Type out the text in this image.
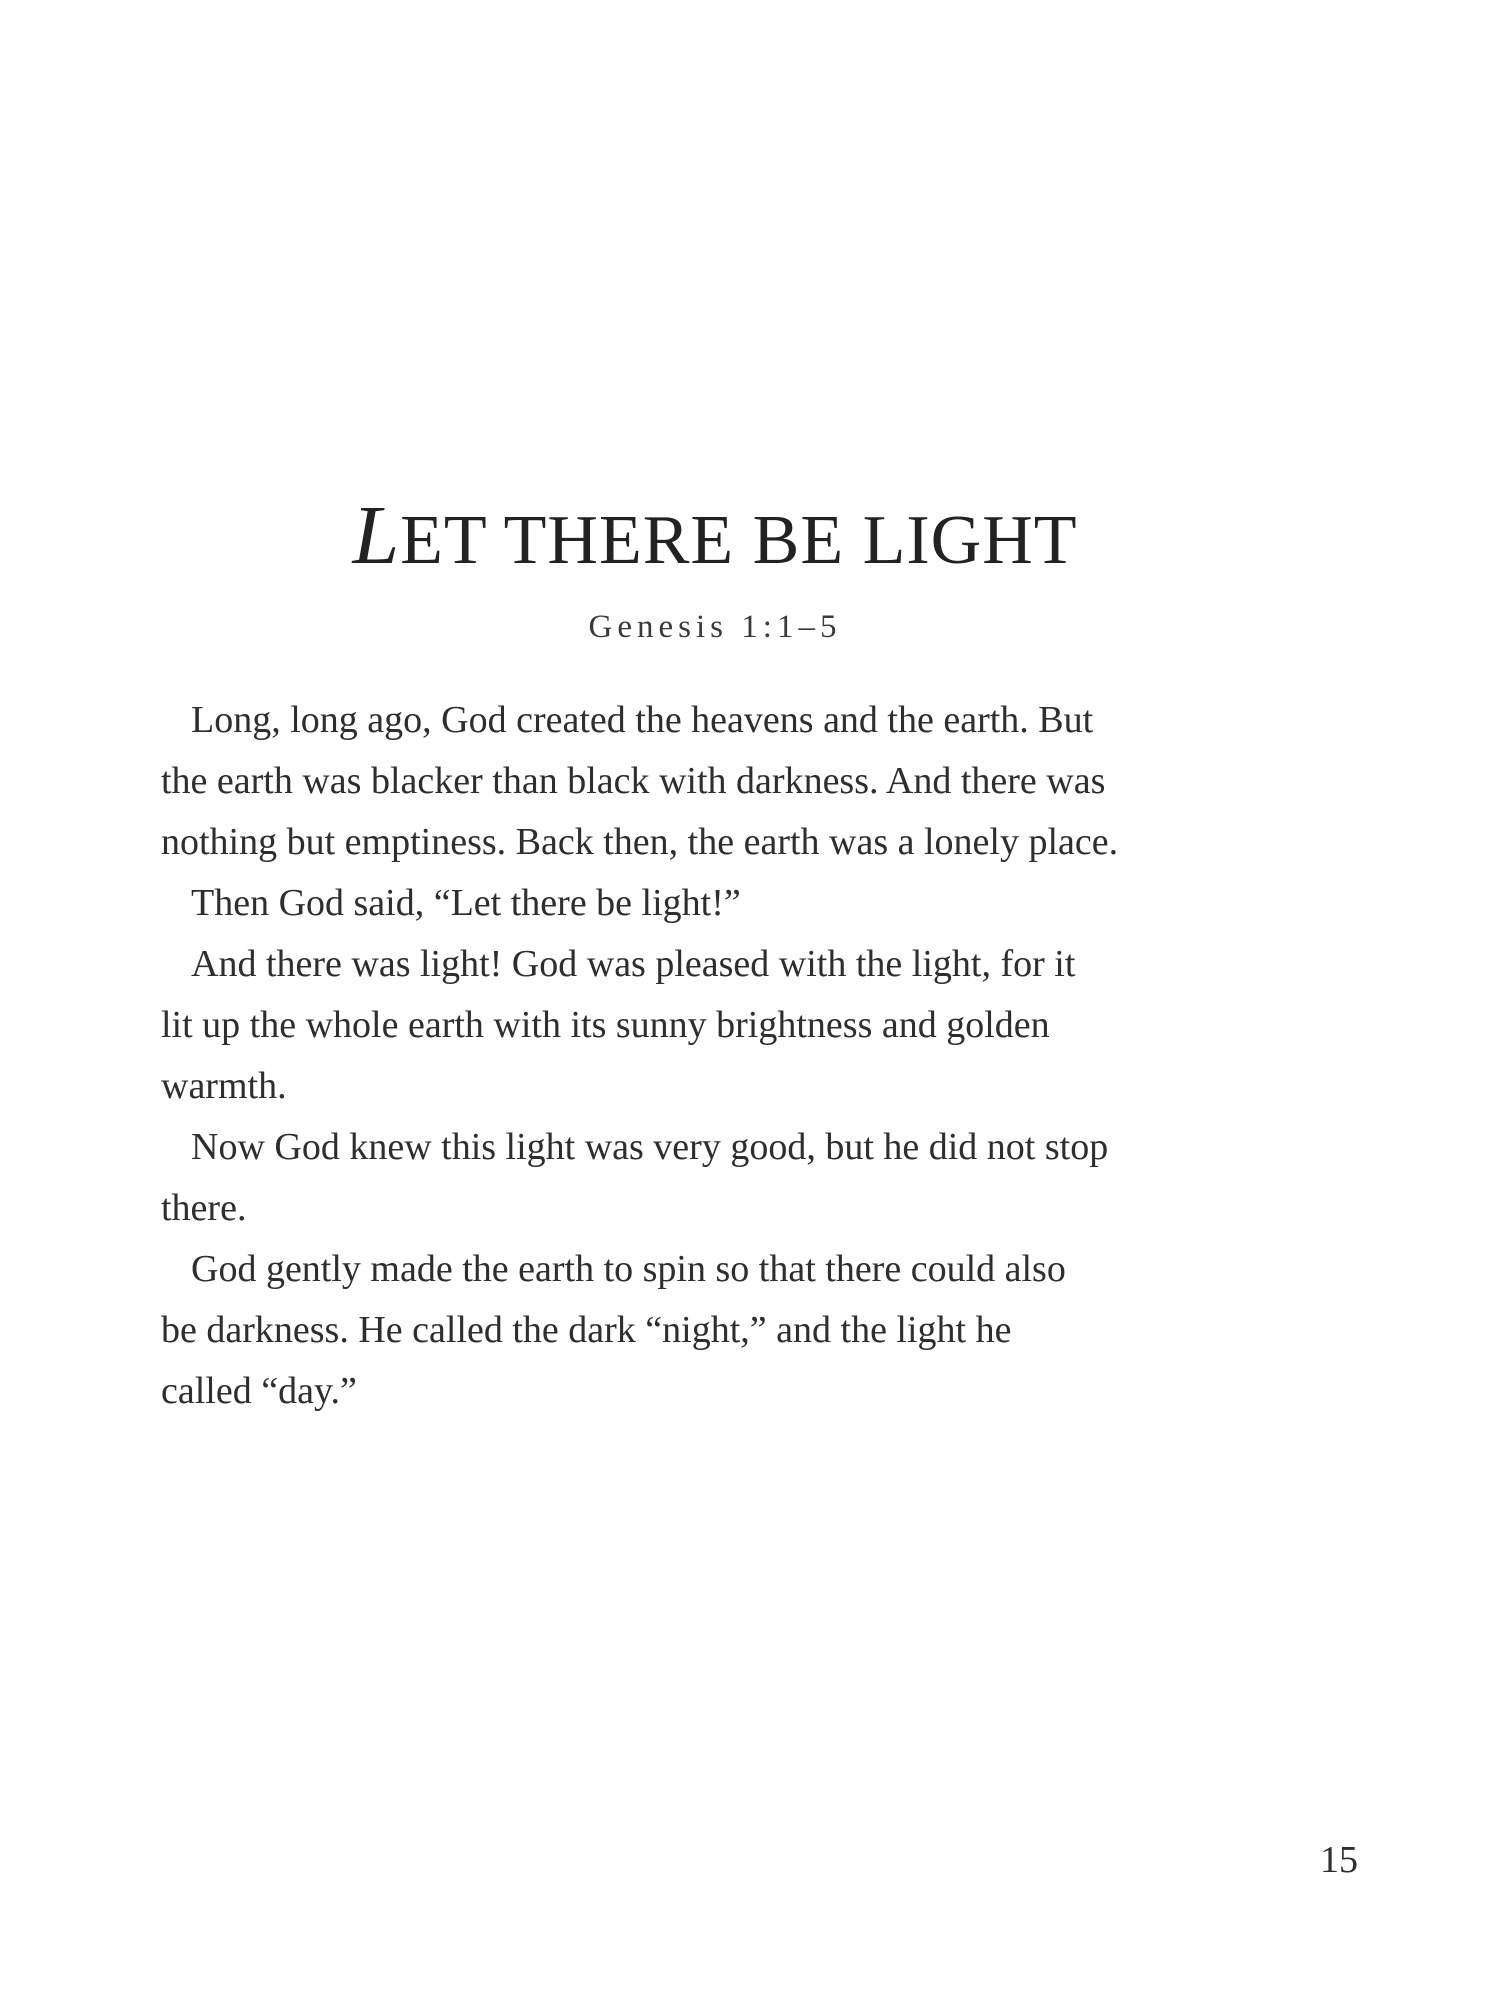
LET THERE BE LIGHT
Genesis 1:1–5
Long, long ago, God created the heavens and the earth. But
the earth was blacker than black with darkness. And there was
nothing but emptiness. Back then, the earth was a lonely place.
Then God said, “Let there be light!”
And there was light! God was pleased with the light, for it
lit up the whole earth with its sunny brightness and golden
warmth.
Now God knew this light was very good, but he did not stop
there.
God gently made the earth to spin so that there could also
be darkness. He called the dark “night,” and the light he
called “day.”
15
